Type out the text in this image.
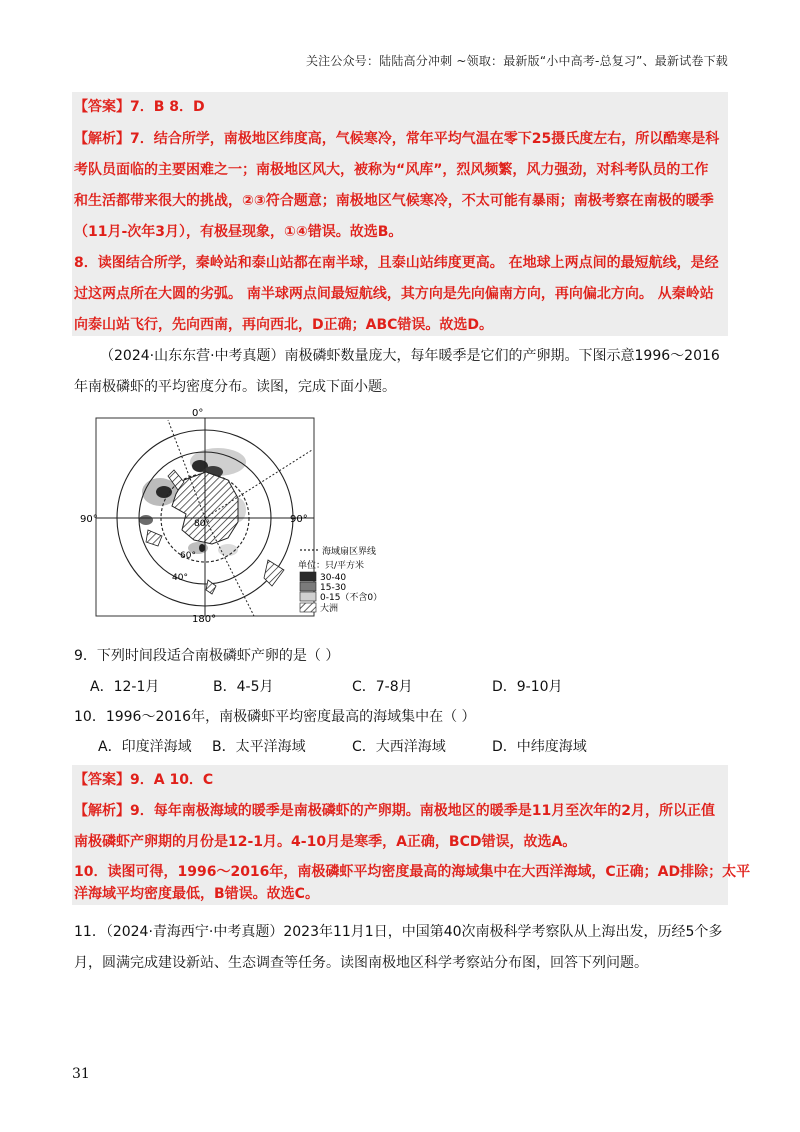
关注公众号：陆陆高分冲刺 ~领取：最新版“小中高考-总复习”、最新试卷下载
【答案】7．B 8．D
【解析】7．结合所学，南极地区纬度高，气候寒冷，常年平均气温在零下25摄氏度左右，所以酷寒是科
考队员面临的主要困难之一；南极地区风大，被称为“风库”，烈风频繁，风力强劲，对科考队员的工作
和生活都带来很大的挑战，②③符合题意；南极地区气候寒冷，不太可能有暴雨；南极考察在南极的暖季
（11月-次年3月），有极昼现象，①④错误。故选B。
8．读图结合所学，秦岭站和泰山站都在南半球，且泰山站纬度更高。 在地球上两点间的最短航线，是经
过这两点所在大圆的劣弧。 南半球两点间最短航线，其方向是先向偏南方向，再向偏北方向。 从秦岭站
向泰山站飞行，先向西南，再向西北，D正确；ABC错误。故选D。
（2024·山东东营·中考真题）南极磷虾数量庞大，每年暖季是它们的产卵期。下图示意1996～2016
年南极磷虾的平均密度分布。读图，完成下面小题。
0°
90°	90°
180°
80°
60°
40°
海域扇区界线
单位：只/平方米
30-40
15-30
0-15（不含0）
大洲
9．下列时间段适合南极磷虾产卵的是（ ）
A．12-1月	B．4-5月	C．7-8月	D．9-10月
10．1996～2016年，南极磷虾平均密度最高的海域集中在（ ）
A．印度洋海域 B．太平洋海域	C．大西洋海域	D．中纬度海域
【答案】9．A 10．C
【解析】9．每年南极海域的暖季是南极磷虾的产卵期。南极地区的暖季是11月至次年的2月，所以正值
南极磷虾产卵期的月份是12-1月。4-10月是寒季，A正确，BCD错误，故选A。
10．读图可得，1996～2016年，南极磷虾平均密度最高的海域集中在大西洋海域，C正确；AD排除；太平
洋海域平均密度最低，B错误。故选C。
11．（2024·青海西宁·中考真题）2023年11月1日，中国第40次南极科学考察队从上海出发，历经5个多
月，圆满完成建设新站、生态调查等任务。读图南极地区科学考察站分布图，回答下列问题。
31
